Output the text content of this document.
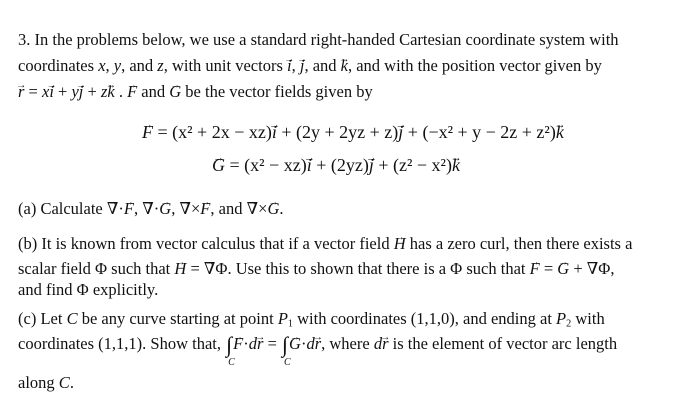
3. In the problems below, we use a standard right-handed Cartesian coordinate system with
coordinates x, y, and z, with unit vectors → i, → j, and → k, and with the position vector given by
→ r = x→ i + y→ j + z→ k . → F and → G be the vector fields given by
→ F = (x² + 2x − xz)→ i + (2y + 2yz + z)→ j + (−x² + y − 2z + z²)→ k
→ G = (x² − xz)→ i + (2yz)→ j + (z² − x²)→ k
(a) Calculate → ∇·→ F, → ∇·→ G, → ∇×→ F, and → ∇×→ G.
(b) It is known from vector calculus that if a vector field → H has a zero curl, then there exists a
scalar field Φ such that → H = → ∇Φ. Use this to shown that there is a Φ such that → F = → G + ∇Φ,
and find Φ explicitly.
(c) Let C be any curve starting at point $P_1$ with coordinates (1,1,0), and ending at $P_2$ with
coordinates (1,1,1). Show that, ∫
C
→ F·d→ r = ∫
C
→ G·d→ r, where d→ r is the element of vector arc length
along C.
